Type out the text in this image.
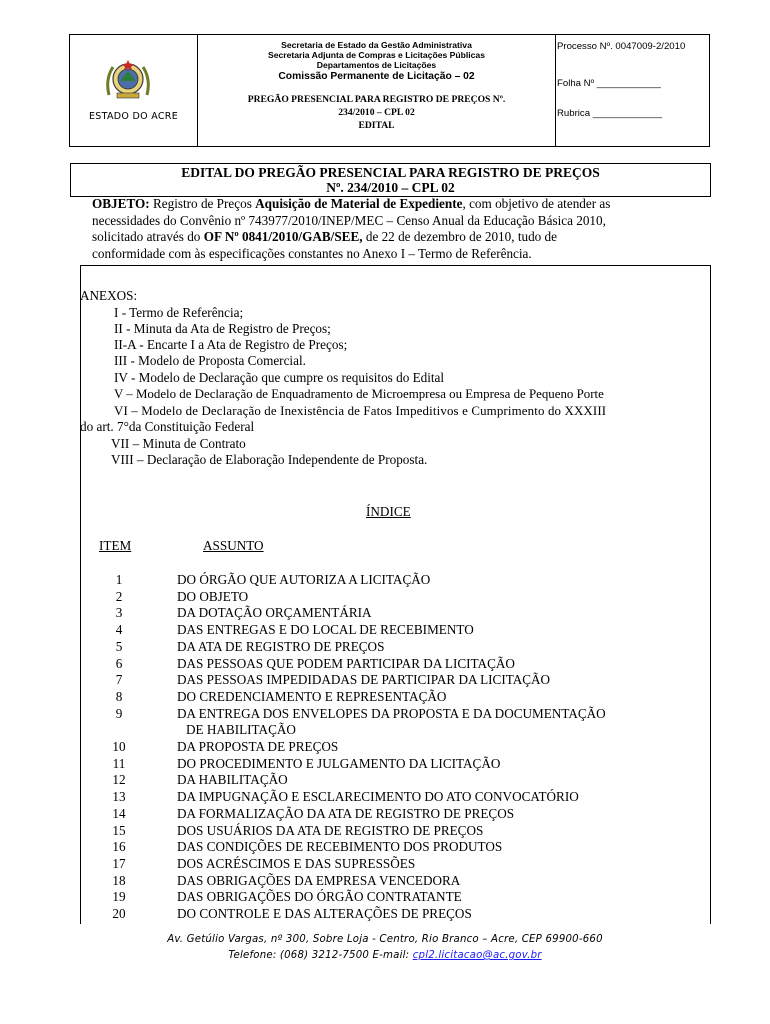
ESTADO DO ACRE
Secretaria de Estado da Gestão Administrativa
Secretaria Adjunta de Compras e Licitações Públicas
Departamentos de Licitações
Comissão Permanente de Licitação – 02
PREGÃO PRESENCIAL PARA REGISTRO DE PREÇOS Nº.
234/2010 – CPL 02
EDITAL
Processo Nº. 0047009-2/2010
Folha Nº ____________
Rubrica _____________
EDITAL DO PREGÃO PRESENCIAL PARA REGISTRO DE PREÇOS
Nº. 234/2010 – CPL 02
OBJETO: Registro de Preços Aquisição de Material de Expediente, com objetivo de atender as
necessidades do Convênio nº 743977/2010/INEP/MEC – Censo Anual da Educação Básica 2010,
solicitado através do OF Nº 0841/2010/GAB/SEE, de 22 de dezembro de 2010, tudo de
conformidade com às especificações constantes no Anexo I – Termo de Referência.
ANEXOS:
I - Termo de Referência;
II - Minuta da Ata de Registro de Preços;
II-A - Encarte I a Ata de Registro de Preços;
III - Modelo de Proposta Comercial.
IV - Modelo de Declaração que cumpre os requisitos do Edital
V – Modelo de Declaração de Enquadramento de Microempresa ou Empresa de Pequeno Porte
VI – Modelo de Declaração de Inexistência de Fatos Impeditivos e Cumprimento do XXXIII
do art. 7°da Constituição Federal
VII – Minuta de Contrato
VIII – Declaração de Elaboração Independente de Proposta.
ÍNDICE
ITEM	ASSUNTO
1	DO ÓRGÃO QUE AUTORIZA A LICITAÇÃO
2	DO OBJETO
3	DA DOTAÇÃO ORÇAMENTÁRIA
4	DAS ENTREGAS E DO LOCAL DE RECEBIMENTO
5	DA ATA DE REGISTRO DE PREÇOS
6	DAS PESSOAS QUE PODEM PARTICIPAR DA LICITAÇÃO
7	DAS PESSOAS IMPEDIDADAS DE PARTICIPAR DA LICITAÇÃO
8	DO CREDENCIAMENTO E REPRESENTAÇÃO
9	DA ENTREGA DOS ENVELOPES DA PROPOSTA E DA DOCUMENTAÇÃO
DE HABILITAÇÃO
10	DA PROPOSTA DE PREÇOS
11	DO PROCEDIMENTO E JULGAMENTO DA LICITAÇÃO
12	DA HABILITAÇÃO
13	DA IMPUGNAÇÃO E ESCLARECIMENTO DO ATO CONVOCATÓRIO
14	DA FORMALIZAÇÃO DA ATA DE REGISTRO DE PREÇOS
15	DOS USUÁRIOS DA ATA DE REGISTRO DE PREÇOS
16	DAS CONDIÇÕES DE RECEBIMENTO DOS PRODUTOS
17	DOS ACRÉSCIMOS E DAS SUPRESSÕES
18	DAS OBRIGAÇÕES DA EMPRESA VENCEDORA
19	DAS OBRIGAÇÕES DO ÓRGÃO CONTRATANTE
20	DO CONTROLE E DAS ALTERAÇÕES DE PREÇOS
Av. Getúlio Vargas, nº 300, Sobre Loja - Centro, Rio Branco – Acre, CEP 69900-660
Telefone: (068) 3212-7500 E-mail: cpl2.licitacao@ac.gov.br
